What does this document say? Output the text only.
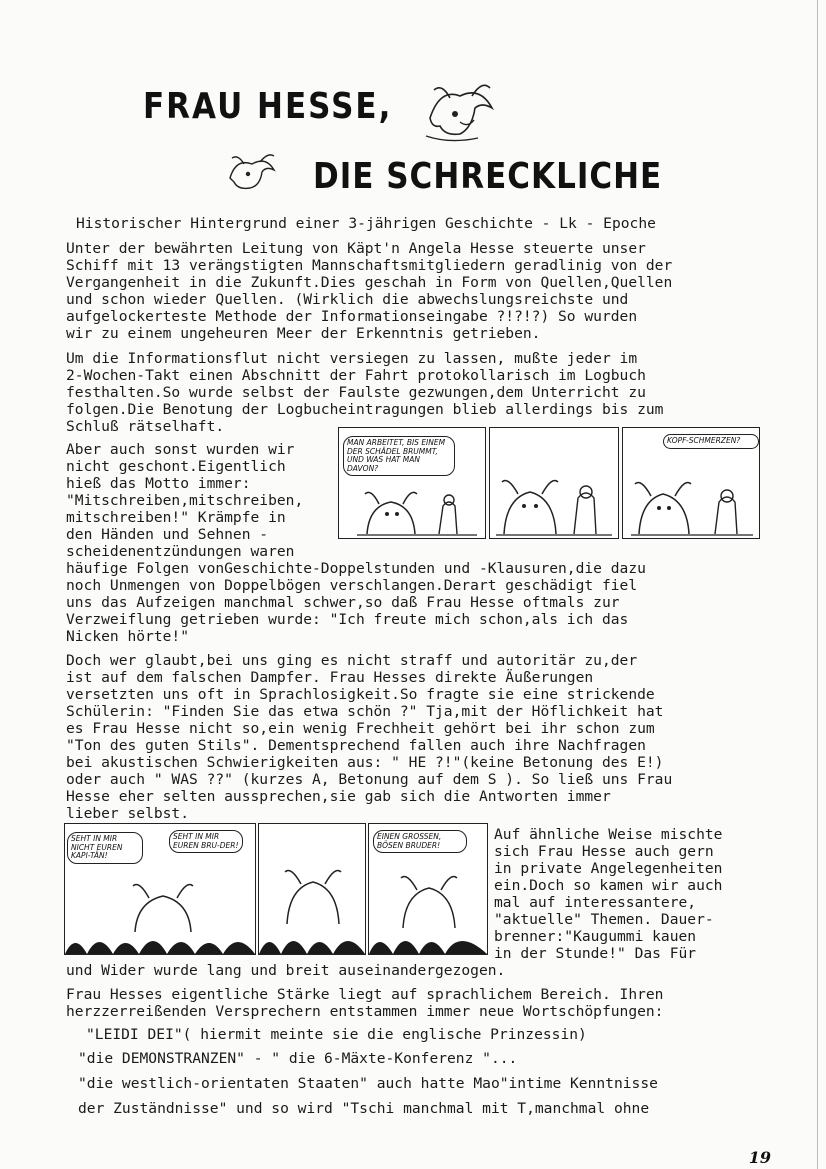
FRAU HESSE,
DIE SCHRECKLICHE

Historischer Hintergrund einer 3-jährigen Geschichte - Lk - Epoche

Unter der bewährten Leitung von Käpt'n Angela Hesse steuerte unser

Schiff mit 13 verängstigten Mannschaftsmitgliedern geradlinig von der

Vergangenheit in die Zukunft.Dies geschah in Form von Quellen,Quellen

und schon wieder Quellen. (Wirklich die abwechslungsreichste und

aufgelockerteste Methode der Informationseingabe ?!?!?) So wurden

wir zu einem ungeheuren Meer der Erkenntnis getrieben.

Um die Informationsflut nicht versiegen zu lassen, mußte jeder im

2-Wochen-Takt einen Abschnitt der Fahrt protokollarisch im Logbuch

festhalten.So wurde selbst der Faulste gezwungen,dem Unterricht zu

folgen.Die Benotung der Logbucheintragungen blieb allerdings bis zum

Schluß rätselhaft.

Aber auch sonst wurden wir

nicht geschont.Eigentlich

hieß das Motto immer:

"Mitschreiben,mitschreiben,

mitschreiben!" Krämpfe in

den Händen und Sehnen -

scheidenentzündungen waren

häufige Folgen vonGeschichte-Doppelstunden und -Klausuren,die dazu

noch Unmengen von Doppelbögen verschlangen.Derart geschädigt fiel

uns das Aufzeigen manchmal schwer,so daß Frau Hesse oftmals zur

Verzweiflung getrieben wurde: "Ich freute mich schon,als ich das

Nicken hörte!"

Doch wer glaubt,bei uns ging es nicht straff und autoritär zu,der

ist auf dem falschen Dampfer. Frau Hesses direkte Äußerungen

versetzten uns oft in Sprachlosigkeit.So fragte sie eine strickende

Schülerin: "Finden Sie das etwa schön ?" Tja,mit der Höflichkeit hat

es Frau Hesse nicht so,ein wenig Frechheit gehört bei ihr schon zum

"Ton des guten Stils". Dementsprechend fallen auch ihre Nachfragen

bei akustischen Schwierigkeiten aus: " HE ?!"(keine Betonung des E!)

oder auch " WAS ??" (kurzes A, Betonung auf dem S ). So ließ uns Frau

Hesse eher selten aussprechen,sie gab sich die Antworten immer

lieber selbst.

Auf ähnliche Weise mischte

sich Frau Hesse auch gern

in private Angelegenheiten

ein.Doch so kamen wir auch

mal auf interessantere,

"aktuelle" Themen. Dauer-

brenner:"Kaugummi kauen

in der Stunde!" Das Für

und Wider wurde lang und breit auseinandergezogen.

Frau Hesses eigentliche Stärke liegt auf sprachlichem Bereich. Ihren

herzzerreißenden Versprechern entstammen immer neue Wortschöpfungen:

"LEIDI DEI"( hiermit meinte sie die englische Prinzessin)

"die DEMONSTRANZEN" - " die 6-Mäxte-Konferenz "...

"die westlich-orientaten Staaten" auch hatte Mao"intime Kenntnisse

der Zuständnisse" und so wird "Tschi manchmal mit T,manchmal ohne

MAN ARBEITET, BIS EINEM DER SCHÄDEL BRUMMT, UND WAS HAT MAN DAVON?
KOPF-SCHMERZEN?
SEHT IN MIR NICHT EUREN KAPI-TÄN!
SEHT IN MIR EUREN BRU-DER!
EINEN GROSSEN, BÖSEN BRUDER!
19
